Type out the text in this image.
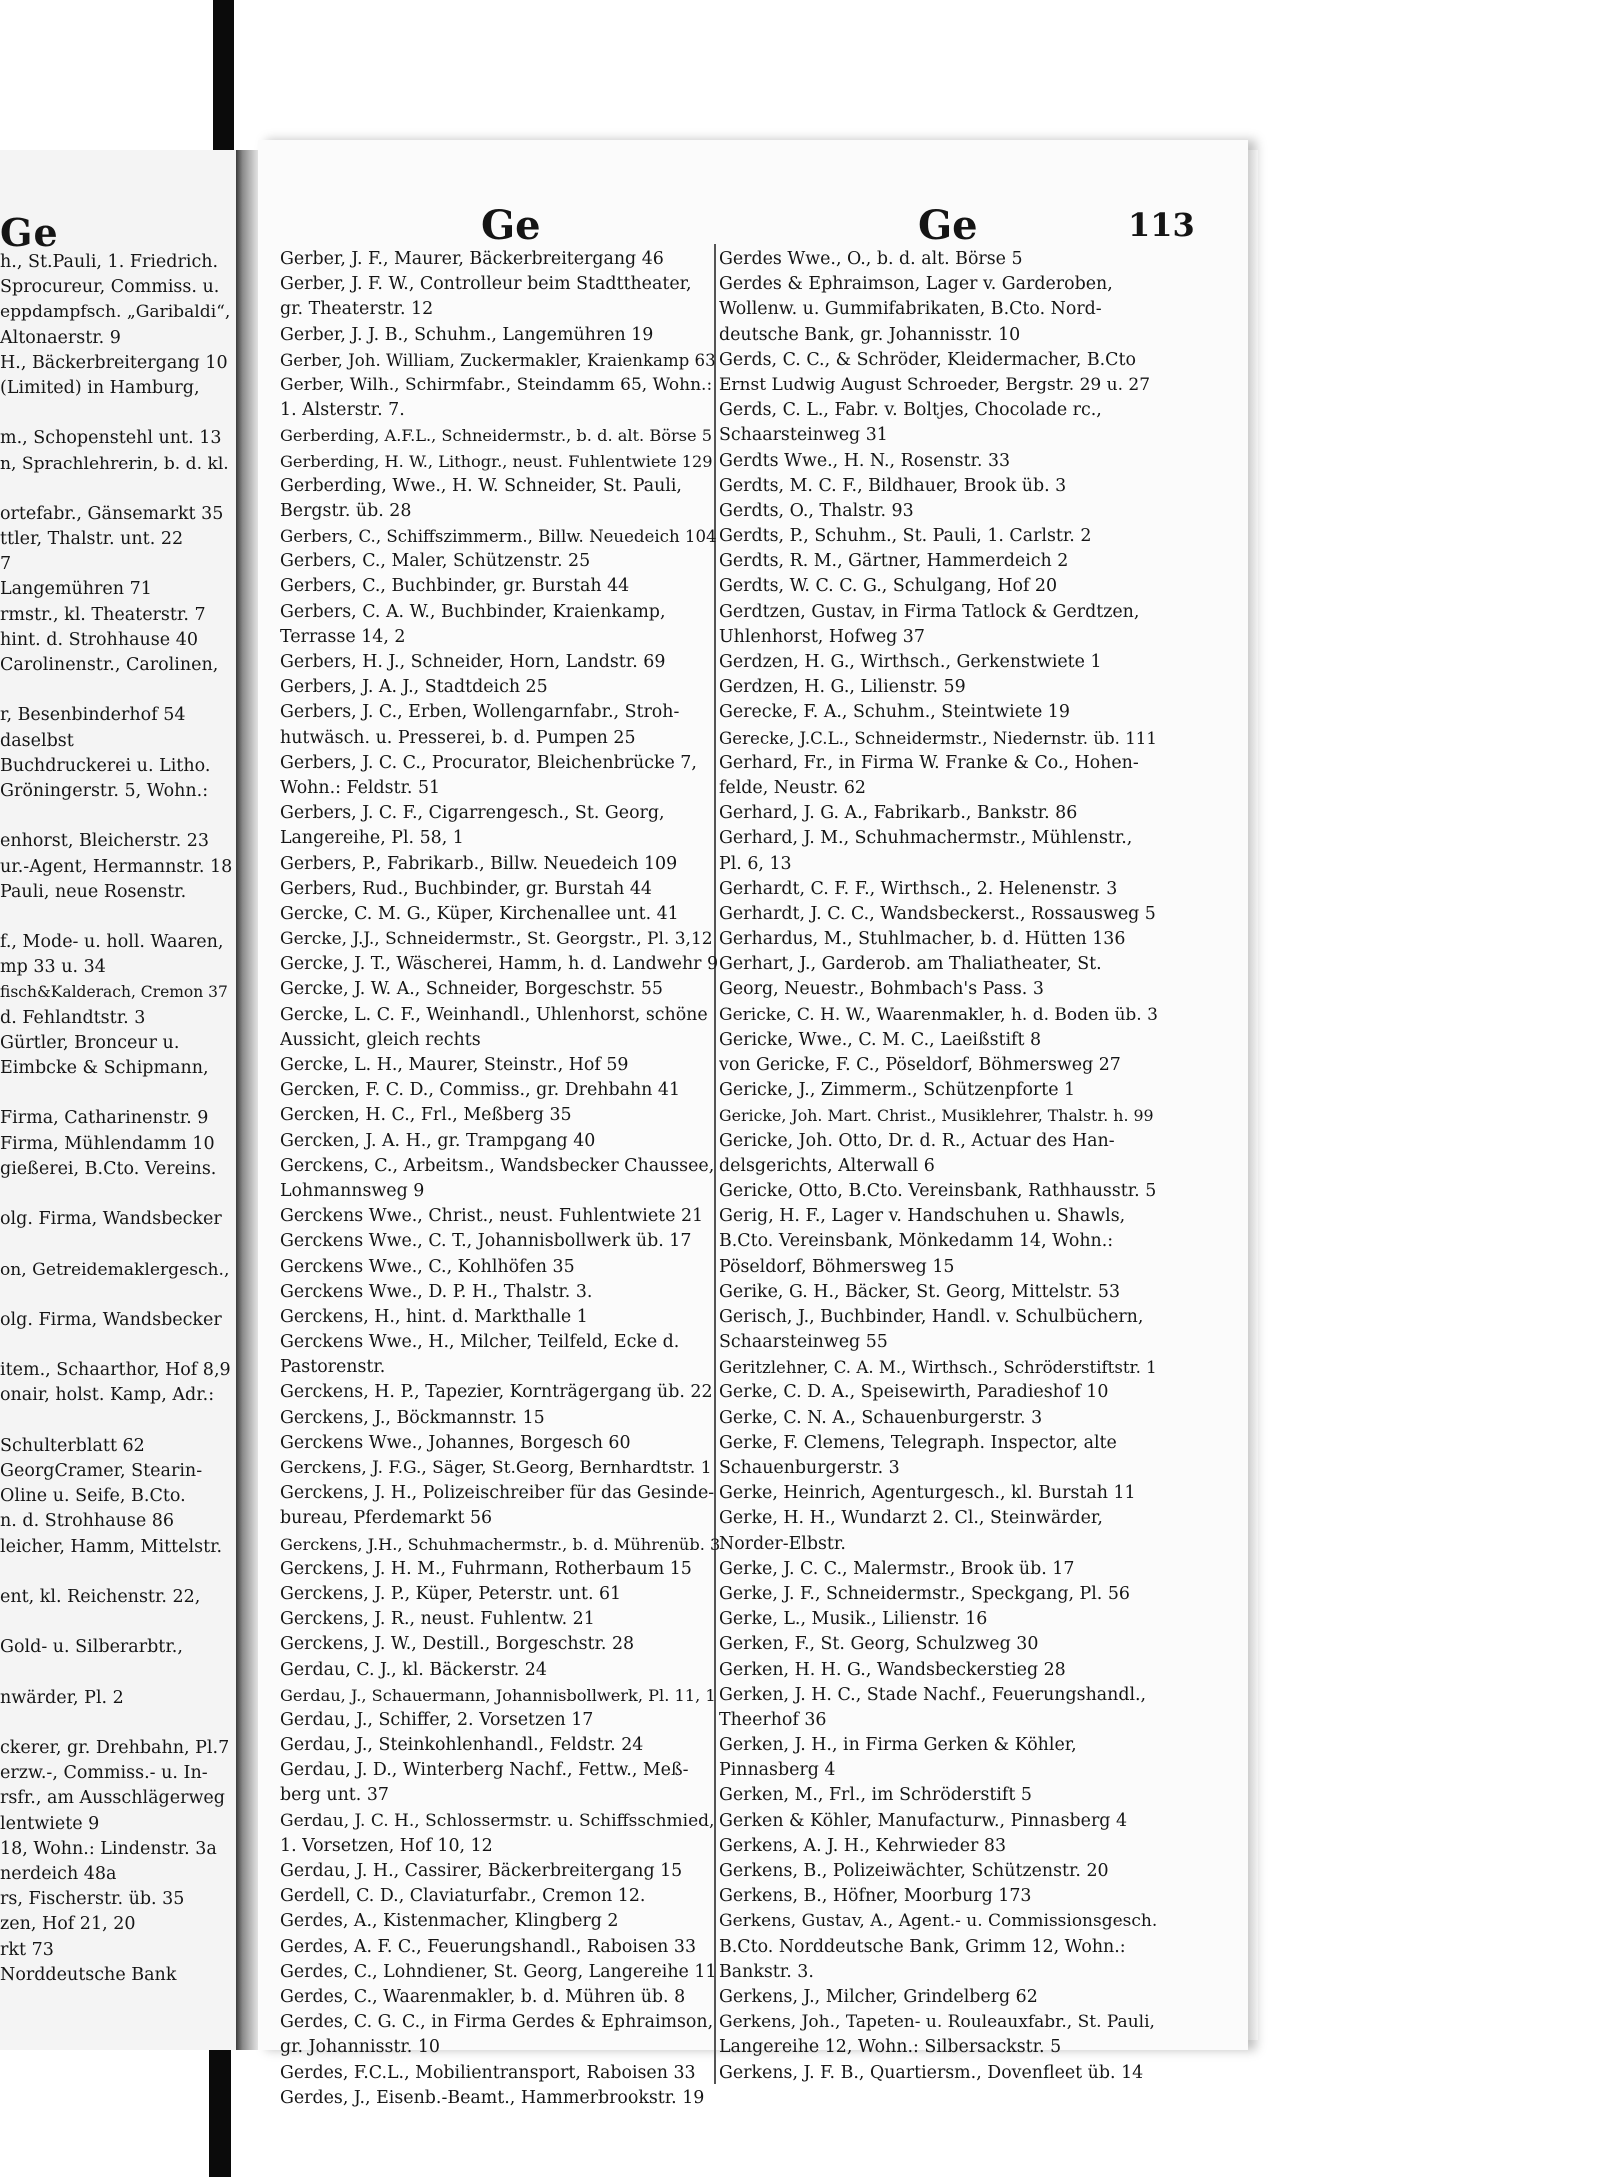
Ge
h., St.Pauli, 1. Friedrich.
Sprocureur, Commiss. u.
eppdampfsch. „Garibaldi“,
Altonaerstr. 9
H., Bäckerbreitergang 10
(Limited) in Hamburg,
m., Schopenstehl unt. 13
n, Sprachlehrerin, b. d. kl.
ortefabr., Gänsemarkt 35
ttler, Thalstr. unt. 22
7
Langemühren 71
rmstr., kl. Theaterstr. 7
hint. d. Strohhause 40
Carolinenstr., Carolinen,
r, Besenbinderhof 54
daselbst
Buchdruckerei u. Litho.
Gröningerstr. 5, Wohn.:
enhorst, Bleicherstr. 23
ur.-Agent, Hermannstr. 18
Pauli, neue Rosenstr.
f., Mode- u. holl. Waaren,
mp 33 u. 34
fisch&Kalderach, Cremon 37
d. Fehlandtstr. 3
Gürtler, Bronceur u.
Eimbcke & Schipmann,
Firma, Catharinenstr. 9
Firma, Mühlendamm 10
gießerei, B.Cto. Vereins.
olg. Firma, Wandsbecker
on, Getreidemaklergesch.,
olg. Firma, Wandsbecker
item., Schaarthor, Hof 8,9
onair, holst. Kamp, Adr.:
Schulterblatt 62
GeorgCramer, Stearin-
Oline u. Seife, B.Cto.
n. d. Strohhause 86
leicher, Hamm, Mittelstr.
ent, kl. Reichenstr. 22,
Gold- u. Silberarbtr.,
nwärder, Pl. 2
ckerer, gr. Drehbahn, Pl.7
erzw.-, Commiss.- u. In-
rsfr., am Ausschlägerweg
lentwiete 9
18, Wohn.: Lindenstr. 3a
nerdeich 48a
rs, Fischerstr. üb. 35
zen, Hof 21, 20
rkt 73
Norddeutsche Bank
Ge	Ge	113
Gerber, J. F., Maurer, Bäckerbreitergang 46
Gerber, J. F. W., Controlleur beim Stadttheater,
gr. Theaterstr. 12
Gerber, J. J. B., Schuhm., Langemühren 19
Gerber, Joh. William, Zuckermakler, Kraienkamp 63
Gerber, Wilh., Schirmfabr., Steindamm 65, Wohn.:
1. Alsterstr. 7.
Gerberding, A.F.L., Schneidermstr., b. d. alt. Börse 5
Gerberding, H. W., Lithogr., neust. Fuhlentwiete 129
Gerberding, Wwe., H. W. Schneider, St. Pauli,
Bergstr. üb. 28
Gerbers, C., Schiffszimmerm., Billw. Neuedeich 104
Gerbers, C., Maler, Schützenstr. 25
Gerbers, C., Buchbinder, gr. Burstah 44
Gerbers, C. A. W., Buchbinder, Kraienkamp,
Terrasse 14, 2
Gerbers, H. J., Schneider, Horn, Landstr. 69
Gerbers, J. A. J., Stadtdeich 25
Gerbers, J. C., Erben, Wollengarnfabr., Stroh-
hutwäsch. u. Presserei, b. d. Pumpen 25
Gerbers, J. C. C., Procurator, Bleichenbrücke 7,
Wohn.: Feldstr. 51
Gerbers, J. C. F., Cigarrengesch., St. Georg,
Langereihe, Pl. 58, 1
Gerbers, P., Fabrikarb., Billw. Neuedeich 109
Gerbers, Rud., Buchbinder, gr. Burstah 44
Gercke, C. M. G., Küper, Kirchenallee unt. 41
Gercke, J.J., Schneidermstr., St. Georgstr., Pl. 3,12
Gercke, J. T., Wäscherei, Hamm, h. d. Landwehr 9
Gercke, J. W. A., Schneider, Borgeschstr. 55
Gercke, L. C. F., Weinhandl., Uhlenhorst, schöne
Aussicht, gleich rechts
Gercke, L. H., Maurer, Steinstr., Hof 59
Gercken, F. C. D., Commiss., gr. Drehbahn 41
Gercken, H. C., Frl., Meßberg 35
Gercken, J. A. H., gr. Trampgang 40
Gerckens, C., Arbeitsm., Wandsbecker Chaussee,
Lohmannsweg 9
Gerckens Wwe., Christ., neust. Fuhlentwiete 21
Gerckens Wwe., C. T., Johannisbollwerk üb. 17
Gerckens Wwe., C., Kohlhöfen 35
Gerckens Wwe., D. P. H., Thalstr. 3.
Gerckens, H., hint. d. Markthalle 1
Gerckens Wwe., H., Milcher, Teilfeld, Ecke d.
Pastorenstr.
Gerckens, H. P., Tapezier, Kornträgergang üb. 22
Gerckens, J., Böckmannstr. 15
Gerckens Wwe., Johannes, Borgesch 60
Gerckens, J. F.G., Säger, St.Georg, Bernhardtstr. 1
Gerckens, J. H., Polizeischreiber für das Gesinde-
bureau, Pferdemarkt 56
Gerckens, J.H., Schuhmachermstr., b. d. Mührenüb. 3
Gerckens, J. H. M., Fuhrmann, Rotherbaum 15
Gerckens, J. P., Küper, Peterstr. unt. 61
Gerckens, J. R., neust. Fuhlentw. 21
Gerckens, J. W., Destill., Borgeschstr. 28
Gerdau, C. J., kl. Bäckerstr. 24
Gerdau, J., Schauermann, Johannisbollwerk, Pl. 11, 1
Gerdau, J., Schiffer, 2. Vorsetzen 17
Gerdau, J., Steinkohlenhandl., Feldstr. 24
Gerdau, J. D., Winterberg Nachf., Fettw., Meß-
berg unt. 37
Gerdau, J. C. H., Schlossermstr. u. Schiffsschmied,
1. Vorsetzen, Hof 10, 12
Gerdau, J. H., Cassirer, Bäckerbreitergang 15
Gerdell, C. D., Claviaturfabr., Cremon 12.
Gerdes, A., Kistenmacher, Klingberg 2
Gerdes, A. F. C., Feuerungshandl., Raboisen 33
Gerdes, C., Lohndiener, St. Georg, Langereihe 11
Gerdes, C., Waarenmakler, b. d. Mühren üb. 8
Gerdes, C. G. C., in Firma Gerdes & Ephraimson,
gr. Johannisstr. 10
Gerdes, F.C.L., Mobilientransport, Raboisen 33
Gerdes, J., Eisenb.-Beamt., Hammerbrookstr. 19
Gerdes Wwe., O., b. d. alt. Börse 5
Gerdes & Ephraimson, Lager v. Garderoben,
Wollenw. u. Gummifabrikaten, B.Cto. Nord-
deutsche Bank, gr. Johannisstr. 10
Gerds, C. C., & Schröder, Kleidermacher, B.Cto
Ernst Ludwig August Schroeder, Bergstr. 29 u. 27
Gerds, C. L., Fabr. v. Boltjes, Chocolade rc.,
Schaarsteinweg 31
Gerdts Wwe., H. N., Rosenstr. 33
Gerdts, M. C. F., Bildhauer, Brook üb. 3
Gerdts, O., Thalstr. 93
Gerdts, P., Schuhm., St. Pauli, 1. Carlstr. 2
Gerdts, R. M., Gärtner, Hammerdeich 2
Gerdts, W. C. C. G., Schulgang, Hof 20
Gerdtzen, Gustav, in Firma Tatlock & Gerdtzen,
Uhlenhorst, Hofweg 37
Gerdzen, H. G., Wirthsch., Gerkenstwiete 1
Gerdzen, H. G., Lilienstr. 59
Gerecke, F. A., Schuhm., Steintwiete 19
Gerecke, J.C.L., Schneidermstr., Niedernstr. üb. 111
Gerhard, Fr., in Firma W. Franke & Co., Hohen-
felde, Neustr. 62
Gerhard, J. G. A., Fabrikarb., Bankstr. 86
Gerhard, J. M., Schuhmachermstr., Mühlenstr.,
Pl. 6, 13
Gerhardt, C. F. F., Wirthsch., 2. Helenenstr. 3
Gerhardt, J. C. C., Wandsbeckerst., Rossausweg 5
Gerhardus, M., Stuhlmacher, b. d. Hütten 136
Gerhart, J., Garderob. am Thaliatheater, St.
Georg, Neuestr., Bohmbach's Pass. 3
Gericke, C. H. W., Waarenmakler, h. d. Boden üb. 3
Gericke, Wwe., C. M. C., Laeißstift 8
von Gericke, F. C., Pöseldorf, Böhmersweg 27
Gericke, J., Zimmerm., Schützenpforte 1
Gericke, Joh. Mart. Christ., Musiklehrer, Thalstr. h. 99
Gericke, Joh. Otto, Dr. d. R., Actuar des Han-
delsgerichts, Alterwall 6
Gericke, Otto, B.Cto. Vereinsbank, Rathhausstr. 5
Gerig, H. F., Lager v. Handschuhen u. Shawls,
B.Cto. Vereinsbank, Mönkedamm 14, Wohn.:
Pöseldorf, Böhmersweg 15
Gerike, G. H., Bäcker, St. Georg, Mittelstr. 53
Gerisch, J., Buchbinder, Handl. v. Schulbüchern,
Schaarsteinweg 55
Geritzlehner, C. A. M., Wirthsch., Schröderstiftstr. 1
Gerke, C. D. A., Speisewirth, Paradieshof 10
Gerke, C. N. A., Schauenburgerstr. 3
Gerke, F. Clemens, Telegraph. Inspector, alte
Schauenburgerstr. 3
Gerke, Heinrich, Agenturgesch., kl. Burstah 11
Gerke, H. H., Wundarzt 2. Cl., Steinwärder,
Norder-Elbstr.
Gerke, J. C. C., Malermstr., Brook üb. 17
Gerke, J. F., Schneidermstr., Speckgang, Pl. 56
Gerke, L., Musik., Lilienstr. 16
Gerken, F., St. Georg, Schulzweg 30
Gerken, H. H. G., Wandsbeckerstieg 28
Gerken, J. H. C., Stade Nachf., Feuerungshandl.,
Theerhof 36
Gerken, J. H., in Firma Gerken & Köhler,
Pinnasberg 4
Gerken, M., Frl., im Schröderstift 5
Gerken & Köhler, Manufacturw., Pinnasberg 4
Gerkens, A. J. H., Kehrwieder 83
Gerkens, B., Polizeiwächter, Schützenstr. 20
Gerkens, B., Höfner, Moorburg 173
Gerkens, Gustav, A., Agent.- u. Commissionsgesch.
B.Cto. Norddeutsche Bank, Grimm 12, Wohn.:
Bankstr. 3.
Gerkens, J., Milcher, Grindelberg 62
Gerkens, Joh., Tapeten- u. Rouleauxfabr., St. Pauli,
Langereihe 12, Wohn.: Silbersackstr. 5
Gerkens, J. F. B., Quartiersm., Dovenfleet üb. 14
